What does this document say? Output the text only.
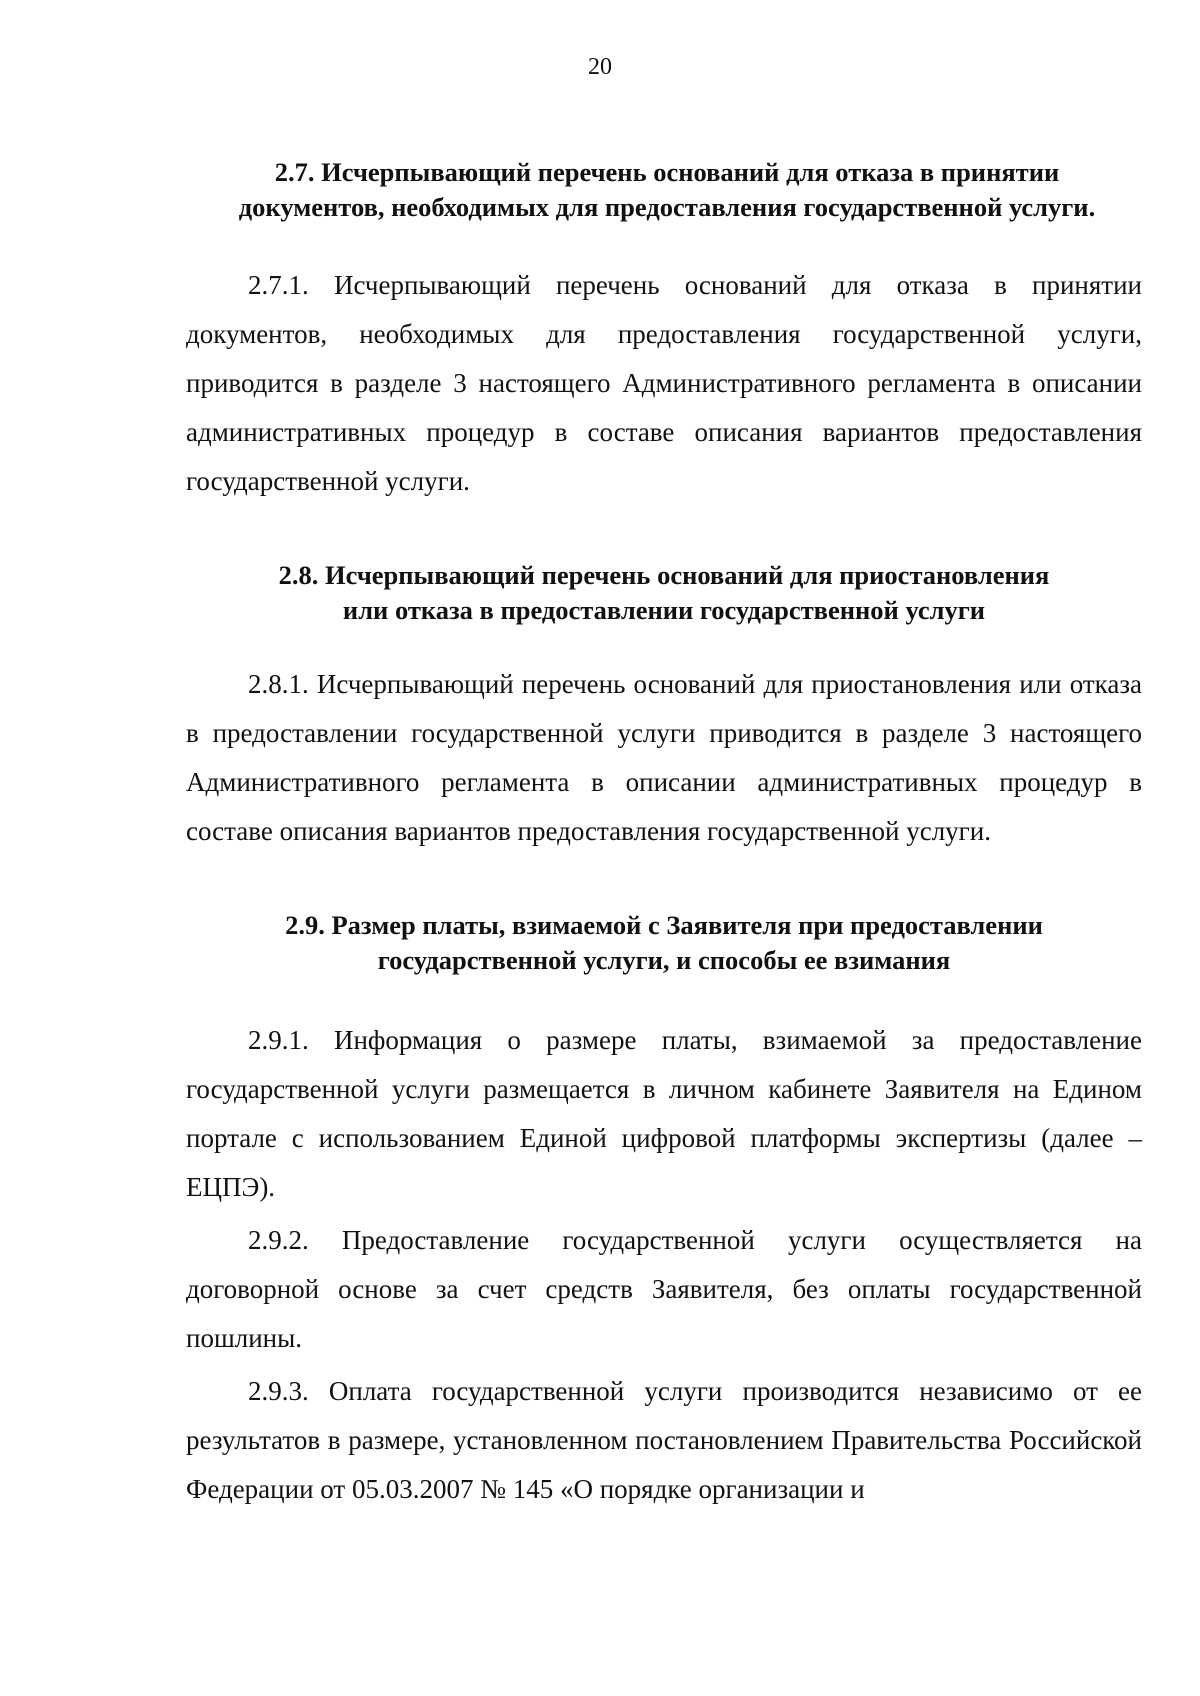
20
2.7. Исчерпывающий перечень оснований для отказа в принятии
документов, необходимых для предоставления государственной услуги.

2.7.1. Исчерпывающий перечень оснований для отказа в принятии документов, необходимых для предоставления государственной услуги, приводится в разделе 3 настоящего Административного регламента в описании административных процедур в составе описания вариантов предоставления государственной услуги.

2.8. Исчерпывающий перечень оснований для приостановления
или отказа в предоставлении государственной услуги

2.8.1. Исчерпывающий перечень оснований для приостановления или отказа в предоставлении государственной услуги приводится в разделе 3 настоящего Административного регламента в описании административных процедур в составе описания вариантов предоставления государственной услуги.

2.9. Размер платы, взимаемой с Заявителя при предоставлении
государственной услуги, и способы ее взимания

2.9.1. Информация о размере платы, взимаемой за предоставление государственной услуги размещается в личном кабинете Заявителя на Едином портале с использованием Единой цифровой платформы экспертизы (далее – ЕЦПЭ).

2.9.2. Предоставление государственной услуги осуществляется на договорной основе за счет средств Заявителя, без оплаты государственной пошлины.

2.9.3. Оплата государственной услуги производится независимо от ее результатов в размере, установленном постановлением Правительства Российской Федерации от 05.03.2007 № 145 «О порядке организации и
